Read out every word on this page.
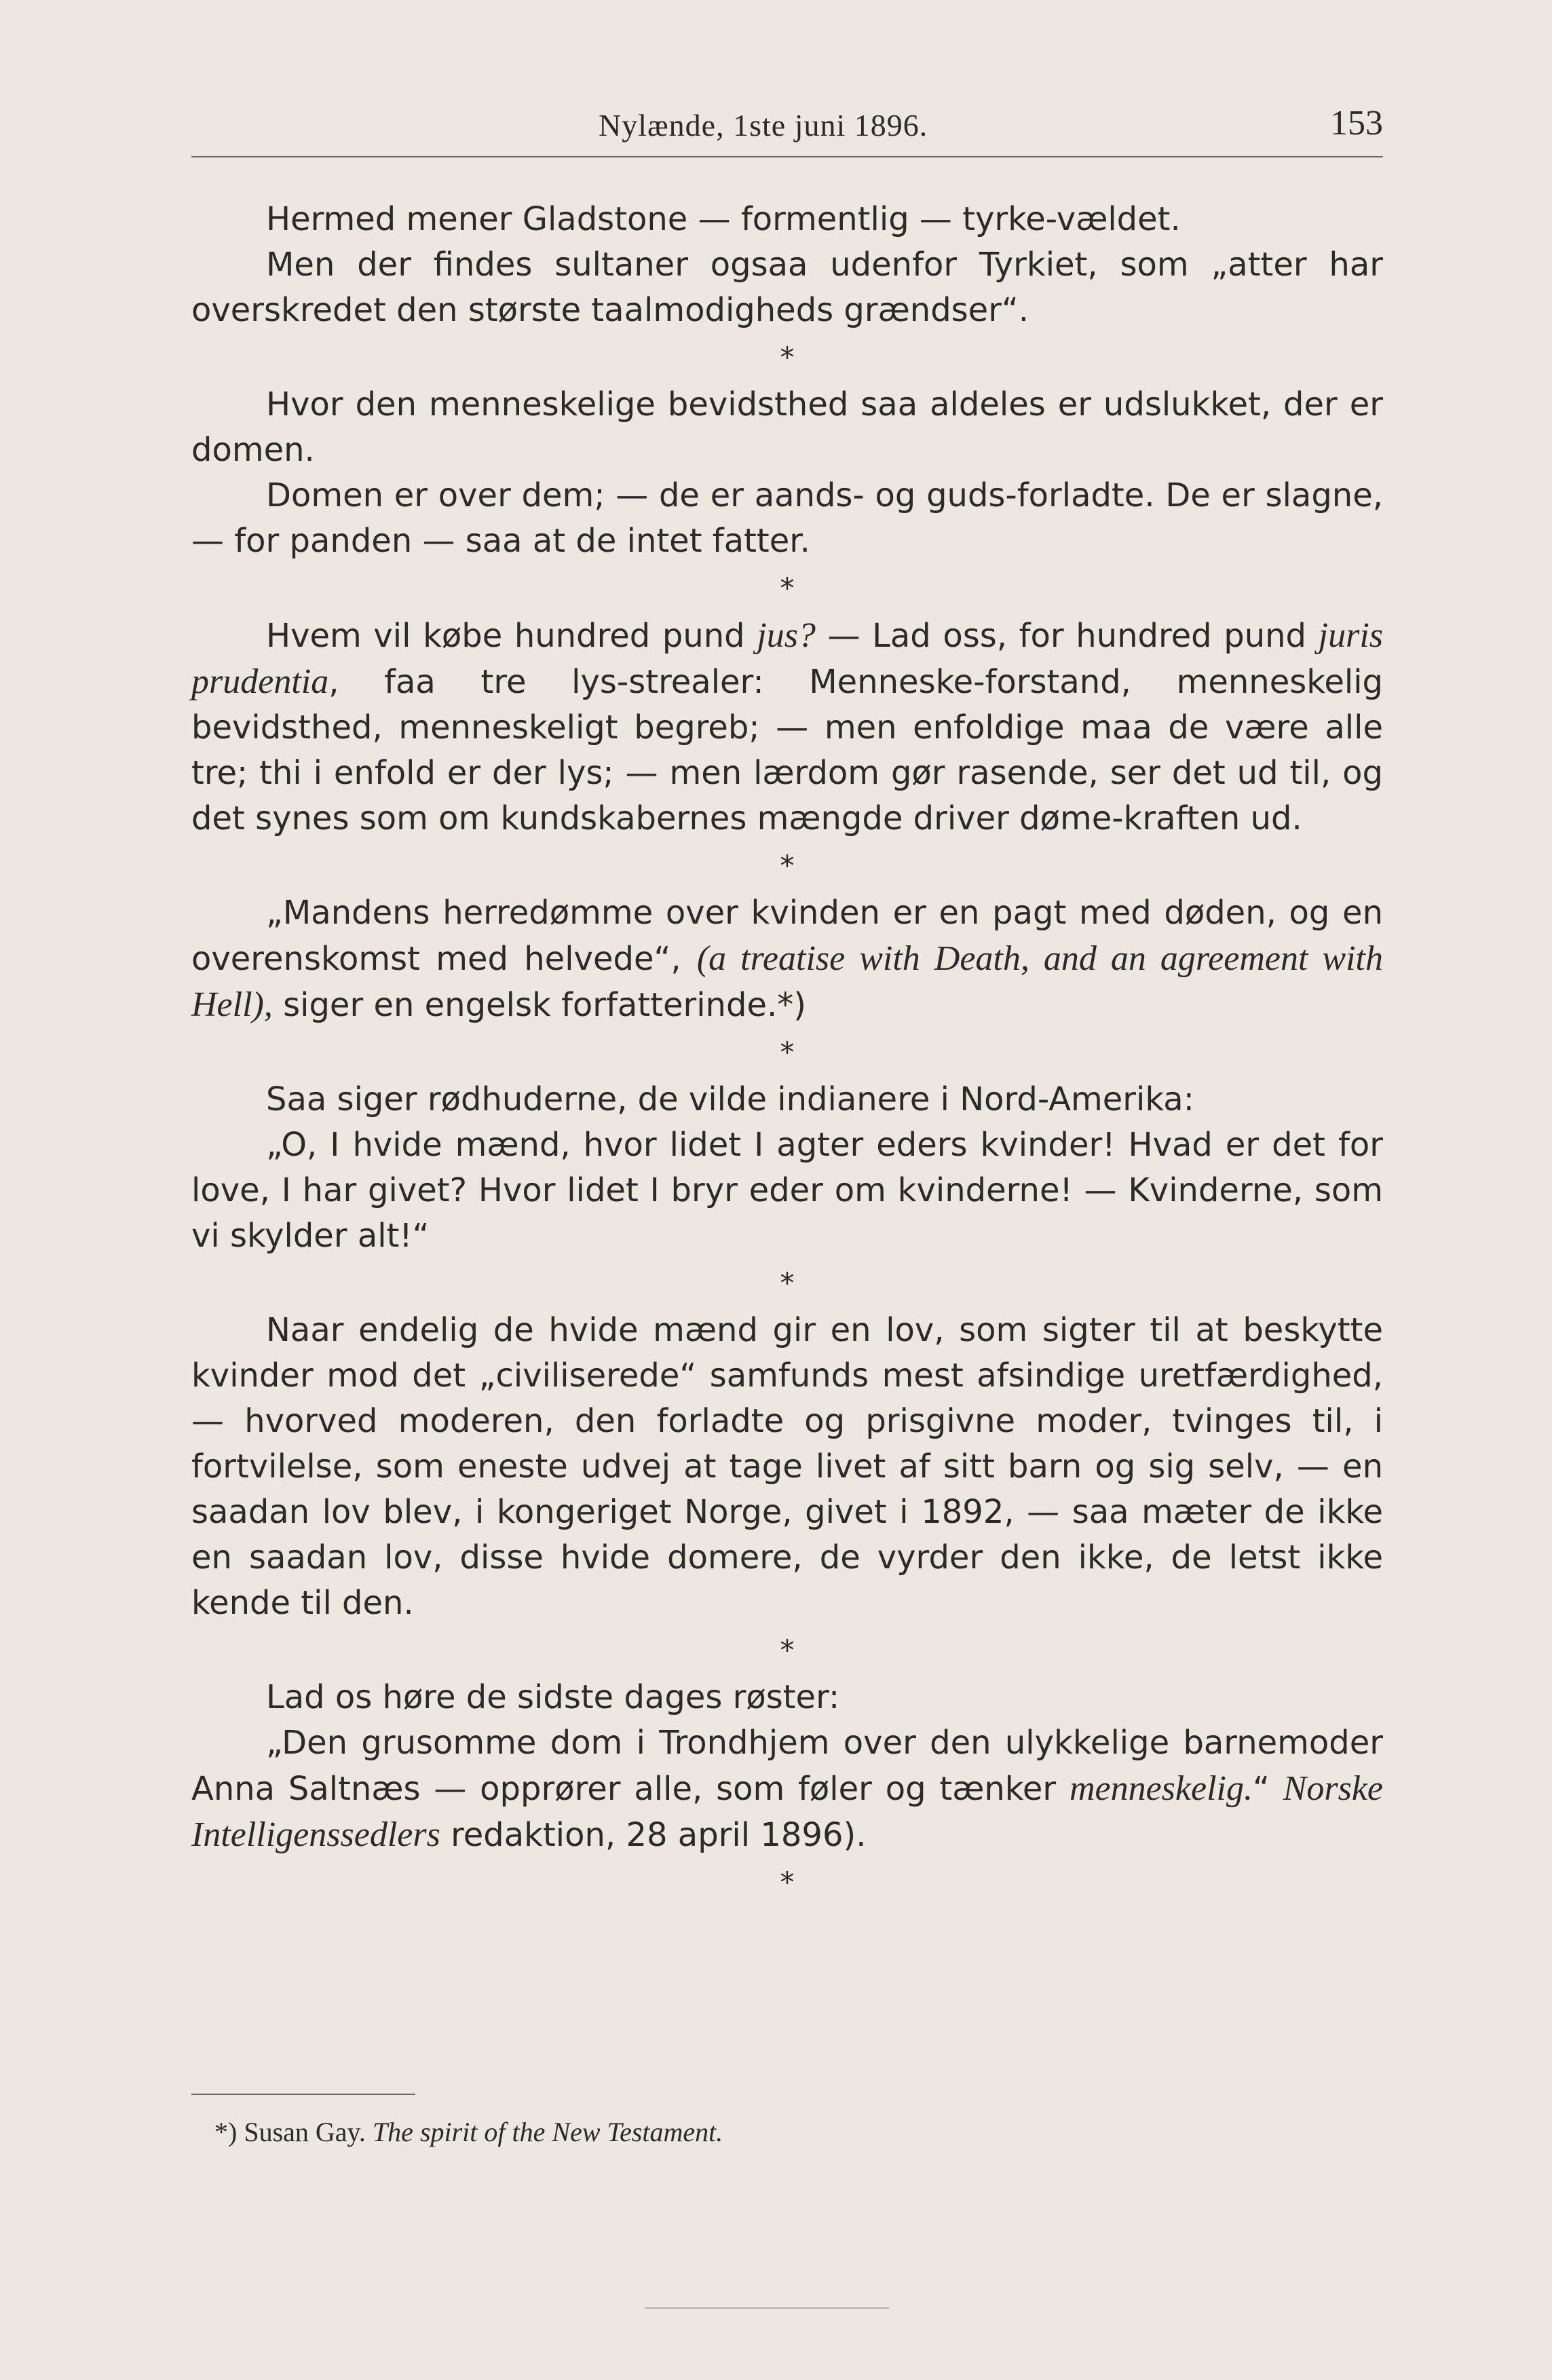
Nylænde, 1ste juni 1896.	153

Hermed mener Gladstone — formentlig — tyrke-vældet.

Men der findes sultaner ogsaa udenfor Tyrkiet, som „atter har overskredet den største taalmodigheds grændser“.

*

Hvor den menneskelige bevidsthed saa aldeles er udslukket, der er domen.

Domen er over dem; — de er aands- og guds-forladte. De er slagne, — for panden — saa at de intet fatter.

*

Hvem vil købe hundred pund jus? — Lad oss, for hundred pund juris prudentia, faa tre lys-strealer: Menneske-forstand, menneskelig bevidsthed, menneskeligt begreb; — men enfoldige maa de være alle tre; thi i enfold er der lys; — men lærdom gør rasende, ser det ud til, og det synes som om kundskabernes mængde driver døme-kraften ud.

*

„Mandens herredømme over kvinden er en pagt med døden, og en overenskomst med helvede“, (a treatise with Death, and an agreement with Hell), siger en engelsk forfatterinde.*)

*

Saa siger rødhuderne, de vilde indianere i Nord-Amerika:

„O, I hvide mænd, hvor lidet I agter eders kvinder! Hvad er det for love, I har givet? Hvor lidet I bryr eder om kvinderne! — Kvinderne, som vi skylder alt!“

*

Naar endelig de hvide mænd gir en lov, som sigter til at beskytte kvinder mod det „civiliserede“ samfunds mest afsindige uretfærdighed, — hvorved moderen, den forladte og prisgivne moder, tvinges til, i fortvilelse, som eneste udvej at tage livet af sitt barn og sig selv, — en saadan lov blev, i kongeriget Norge, givet i 1892, — saa mæter de ikke en saadan lov, disse hvide domere, de vyrder den ikke, de letst ikke kende til den.

*

Lad os høre de sidste dages røster:

„Den grusomme dom i Trondhjem over den ulykkelige barnemoder Anna Saltnæs — opprører alle, som føler og tænker menneskelig.“ Norske Intelligenssedlers redaktion, 28 april 1896).

*

*) Susan Gay. The spirit of the New Testament.
